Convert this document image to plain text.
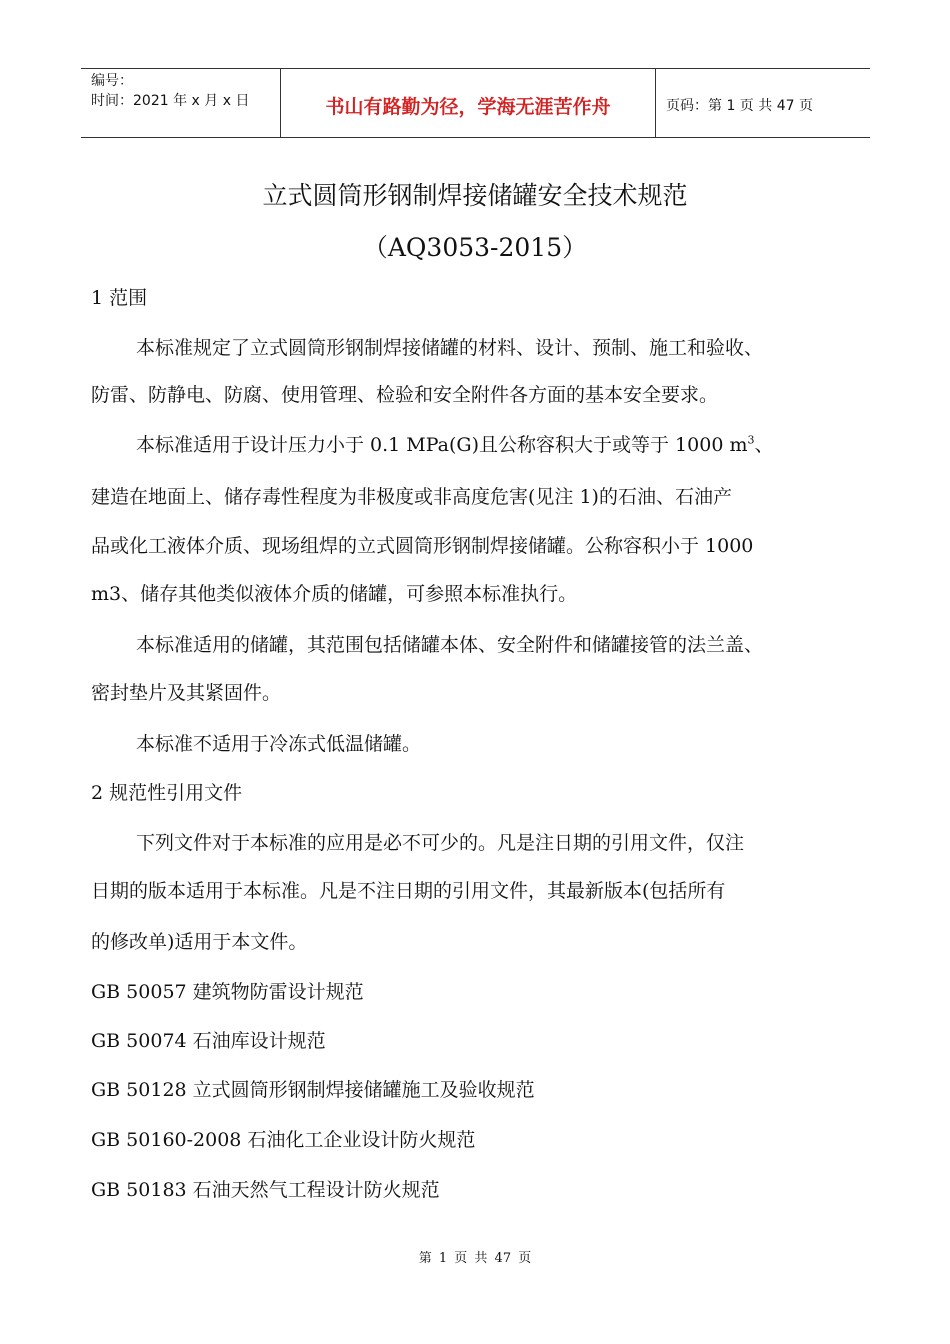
编号：
时间：2021 年 x 月 x 日	书山有路勤为径，学海无涯苦作舟	页码：第 1 页 共 47 页
立式圆筒形钢制焊接储罐安全技术规范
（AQ3053-2015）
1 范围
本标准规定了立式圆筒形钢制焊接储罐的材料、设计、预制、施工和验收、
防雷、防静电、防腐、使用管理、检验和安全附件各方面的基本安全要求。
本标准适用于设计压力小于 0.1 MPa(G)且公称容积大于或等于 1000 $m^3$、
建造在地面上、储存毒性程度为非极度或非高度危害(见注 1)的石油、石油产
品或化工液体介质、现场组焊的立式圆筒形钢制焊接储罐。公称容积小于 1000
m3、储存其他类似液体介质的储罐，可参照本标准执行。
本标准适用的储罐，其范围包括储罐本体、安全附件和储罐接管的法兰盖、
密封垫片及其紧固件。
本标准不适用于冷冻式低温储罐。
2 规范性引用文件
下列文件对于本标准的应用是必不可少的。凡是注日期的引用文件，仅注
日期的版本适用于本标准。凡是不注日期的引用文件，其最新版本(包括所有
的修改单)适用于本文件。
GB 50057 建筑物防雷设计规范
GB 50074 石油库设计规范
GB 50128 立式圆筒形钢制焊接储罐施工及验收规范
GB 50160-2008 石油化工企业设计防火规范
GB 50183 石油天然气工程设计防火规范
第 1 页 共 47 页
